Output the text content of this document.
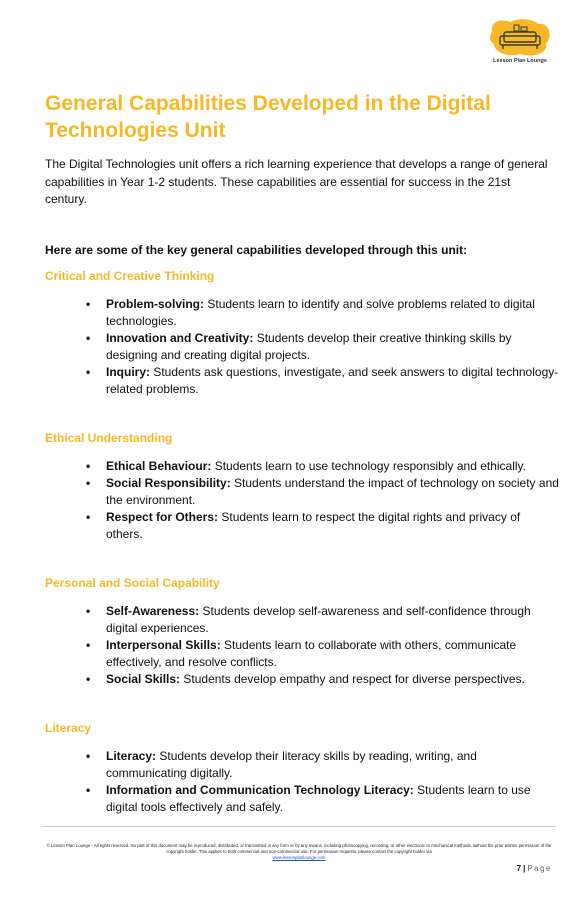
Lesson Plan Lounge
General Capabilities Developed in the Digital Technologies Unit

The Digital Technologies unit offers a rich learning experience that develops a range of general capabilities in Year 1-2 students. These capabilities are essential for success in the 21st century.

Here are some of the key general capabilities developed through this unit:

Critical and Creative Thinking
• Problem-solving: Students learn to identify and solve problems related to digital technologies.
• Innovation and Creativity: Students develop their creative thinking skills by designing and creating digital projects.
• Inquiry: Students ask questions, investigate, and seek answers to digital technology-related problems.
Ethical Understanding
• Ethical Behaviour: Students learn to use technology responsibly and ethically.
• Social Responsibility: Students understand the impact of technology on society and the environment.
• Respect for Others: Students learn to respect the digital rights and privacy of others.
Personal and Social Capability
• Self-Awareness: Students develop self-awareness and self-confidence through digital experiences.
• Interpersonal Skills: Students learn to collaborate with others, communicate effectively, and resolve conflicts.
• Social Skills: Students develop empathy and respect for diverse perspectives.
Literacy
• Literacy: Students develop their literacy skills by reading, writing, and communicating digitally.
• Information and Communication Technology Literacy: Students learn to use digital tools effectively and safely.
© Lesson Plan Lounge - All rights reserved. No part of this document may be reproduced, distributed, or transmitted in any form or by any means, including photocopying, recording, or other electronic or mechanical methods, without the prior written permission of the copyright holder. This applies to both commercial and non-commercial use. For permission requests, please contact the copyright holder via
www.lessonplanlounge.com
7 | Page
